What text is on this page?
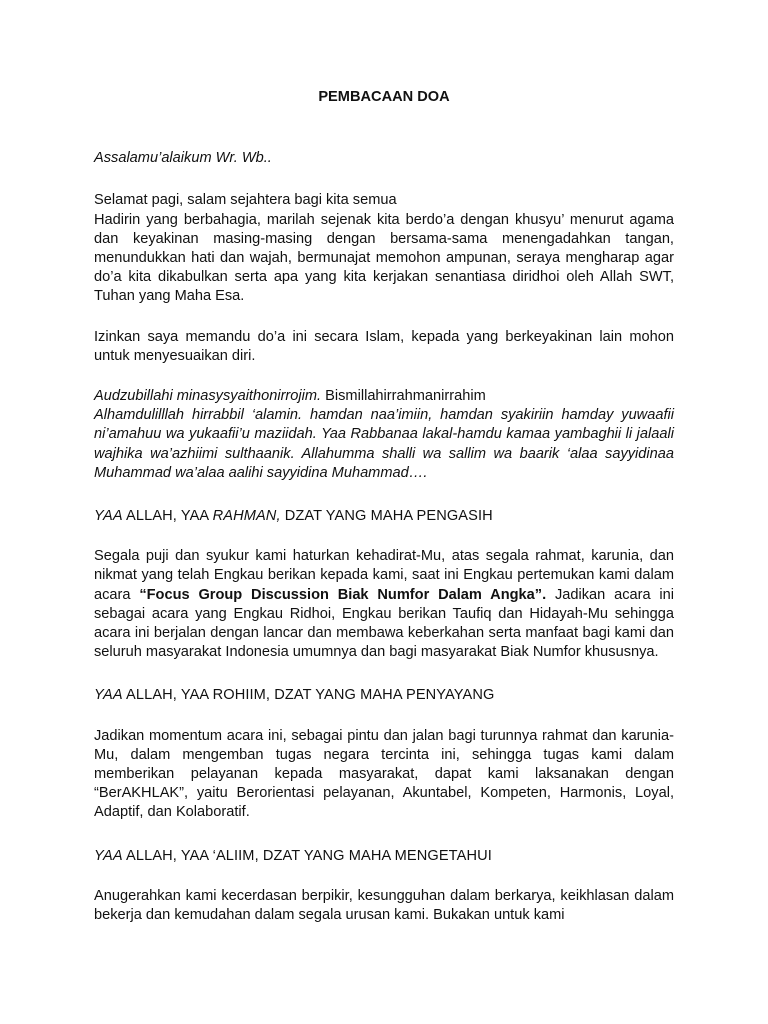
PEMBACAAN DOA

Assalamu’alaikum Wr. Wb..

Selamat pagi, salam sejahtera bagi kita semua

Hadirin yang berbahagia, marilah sejenak kita berdo’a dengan khusyu’ menurut agama dan keyakinan masing-masing dengan bersama-sama menengadahkan tangan, menundukkan hati dan wajah, bermunajat memohon ampunan, seraya mengharap agar do’a kita dikabulkan serta apa yang kita kerjakan senantiasa diridhoi oleh Allah SWT, Tuhan yang Maha Esa.

Izinkan saya memandu do’a ini secara Islam, kepada yang berkeyakinan lain mohon untuk menyesuaikan diri.

Audzubillahi minasysyaithonirrojim. Bismillahirrahmanirrahim

Alhamdulilllah hirrabbil ‘alamin. hamdan naa’imiin, hamdan syakiriin hamday yuwaafii ni’amahuu wa yukaafii’u maziidah. Yaa Rabbanaa lakal-hamdu kamaa yambaghii li jalaali wajhika wa’azhiimi sulthaanik. Allahumma shalli wa sallim wa baarik ‘alaa sayyidinaa Muhammad wa’alaa aalihi sayyidina Muhammad….

YAA ALLAH, YAA RAHMAN, DZAT YANG MAHA PENGASIH

Segala puji dan syukur kami haturkan kehadirat-Mu, atas segala rahmat, karunia, dan nikmat yang telah Engkau berikan kepada kami, saat ini Engkau pertemukan kami dalam acara “Focus Group Discussion Biak Numfor Dalam Angka”. Jadikan acara ini sebagai acara yang Engkau Ridhoi, Engkau berikan Taufiq dan Hidayah-Mu sehingga acara ini berjalan dengan lancar dan membawa keberkahan serta manfaat bagi kami dan seluruh masyarakat Indonesia umumnya dan bagi masyarakat Biak Numfor khususnya.

YAA ALLAH, YAA ROHIIM, DZAT YANG MAHA PENYAYANG

Jadikan momentum acara ini, sebagai pintu dan jalan bagi turunnya rahmat dan karunia-Mu, dalam mengemban tugas negara tercinta ini, sehingga tugas kami dalam memberikan pelayanan kepada masyarakat, dapat kami laksanakan dengan “BerAKHLAK”, yaitu Berorientasi pelayanan, Akuntabel, Kompeten, Harmonis, Loyal, Adaptif, dan Kolaboratif.

YAA ALLAH, YAA ‘ALIIM, DZAT YANG MAHA MENGETAHUI

Anugerahkan kami kecerdasan berpikir, kesungguhan dalam berkarya, keikhlasan dalam bekerja dan kemudahan dalam segala urusan kami. Bukakan untuk kami
